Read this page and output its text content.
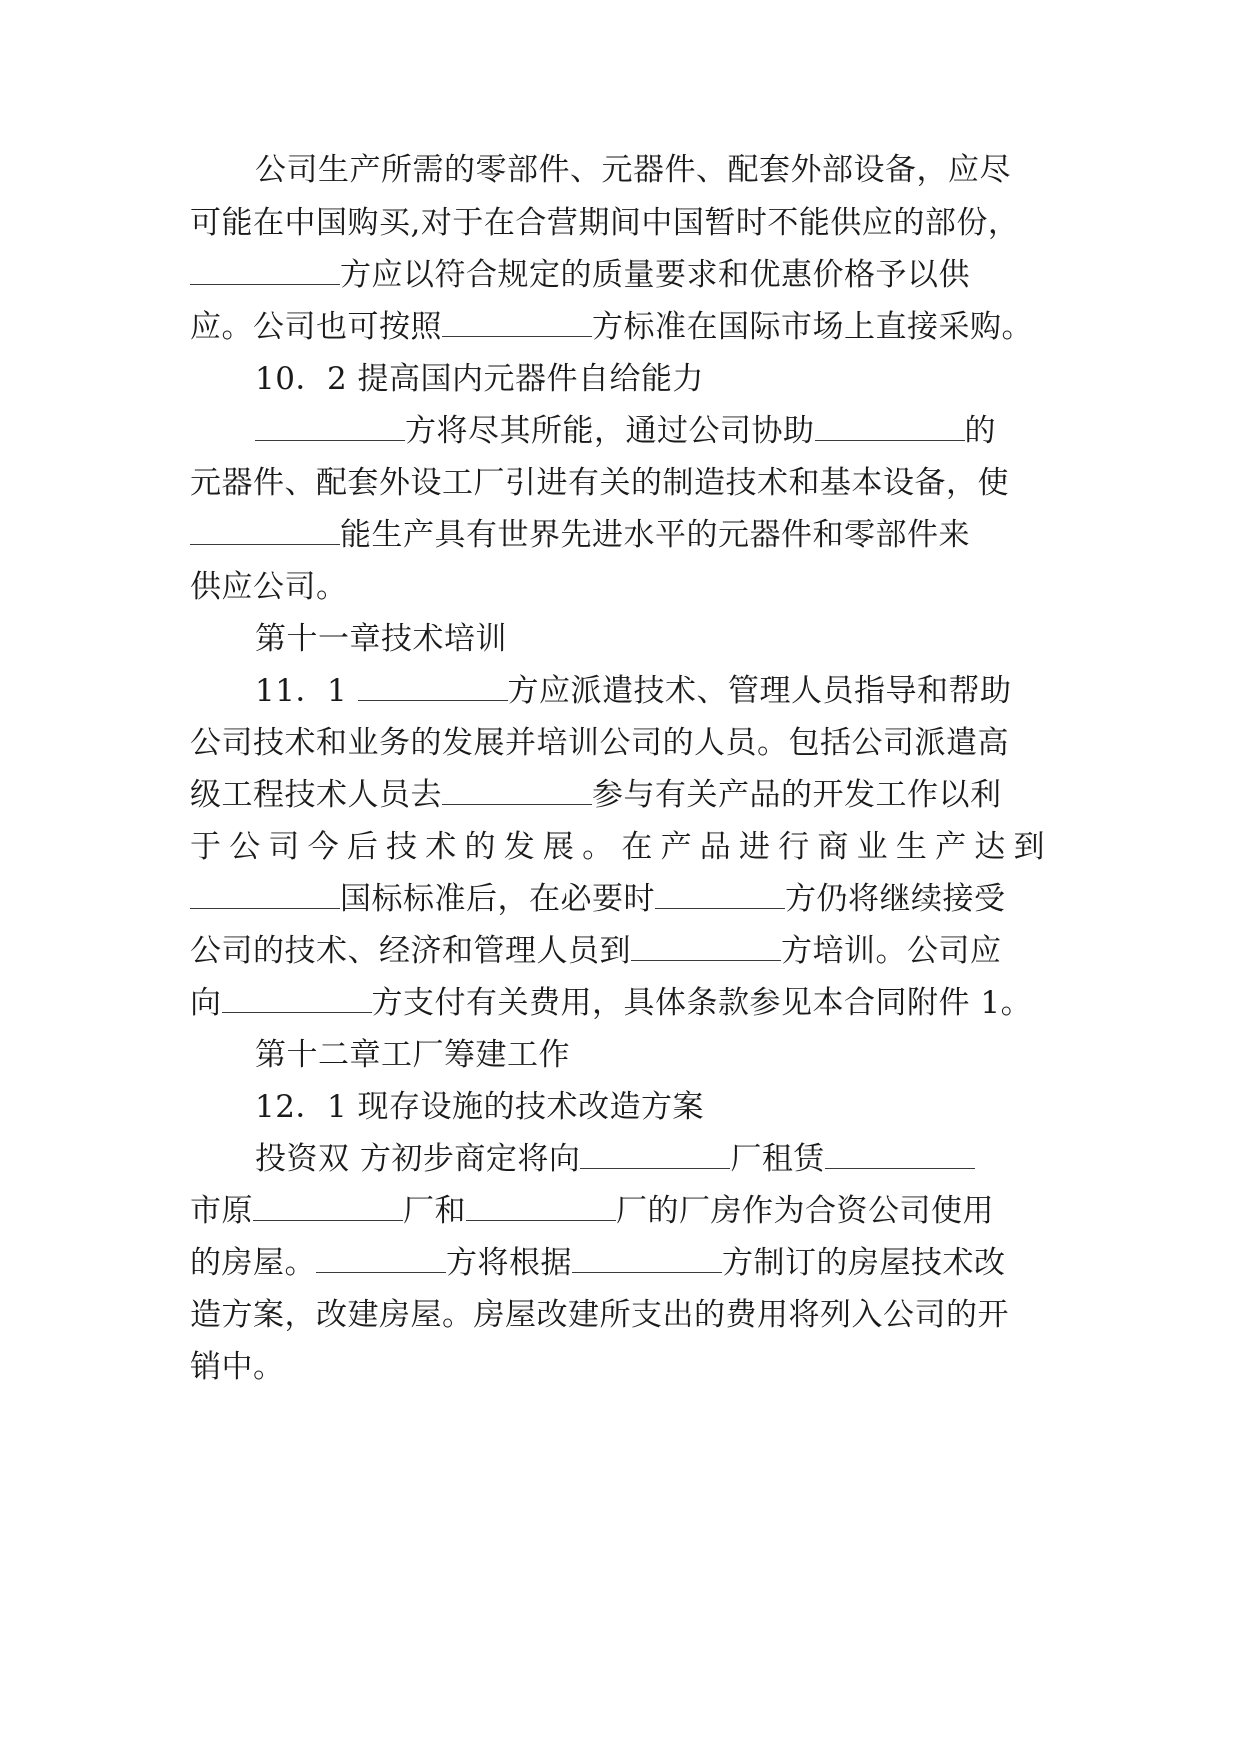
公司生产所需的零部件、元器件、配套外部设备，应尽
可能在中国购买,对于在合营期间中国暂时不能供应的部份，
方应以符合规定的质量要求和优惠价格予以供
应。公司也可按照	方标准在国际市场上直接采购。
10．2 提高国内元器件自给能力
方将尽其所能，通过公司协助	的
元器件、配套外设工厂引进有关的制造技术和基本设备，使
能生产具有世界先进水平的元器件和零部件来
供应公司。
第十一章技术培训
11．1	方应派遣技术、管理人员指导和帮助
公司技术和业务的发展并培训公司的人员。包括公司派遣高
级工程技术人员去	参与有关产品的开发工作以利
于公司今后技术的发展。在产品进行商业生产达到
国标标准后，在必要时	方仍将继续接受
公司的技术、经济和管理人员到	方培训。公司应
向	方支付有关费用，具体条款参见本合同附件 1。
第十二章工厂筹建工作
12．1 现存设施的技术改造方案
投资双 方初步商定将向	厂租赁
市原	厂和	厂的厂房作为合资公司使用
的房屋。	方将根据	方制订的房屋技术改
造方案，改建房屋。房屋改建所支出的费用将列入公司的开
销中。
